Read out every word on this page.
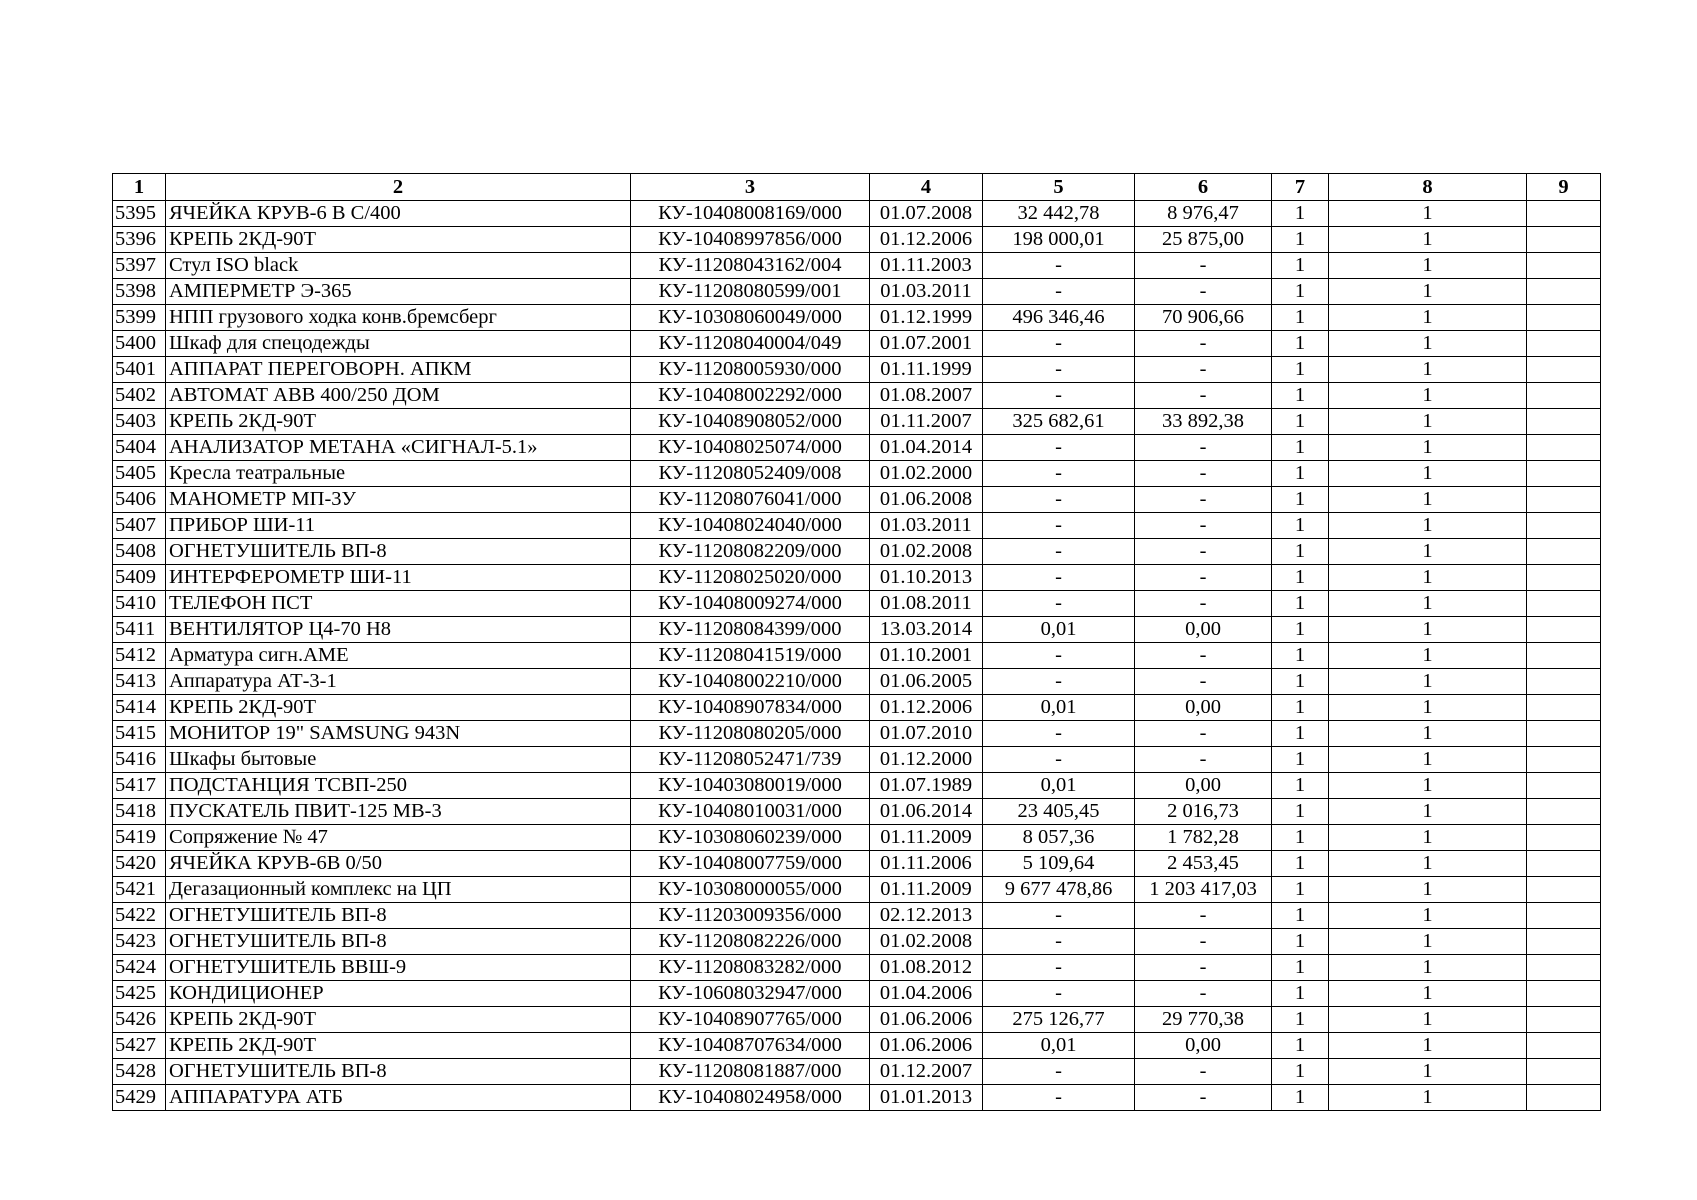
1	2	3	4	5	6	7	8	9
5395	ЯЧЕЙКА КРУВ-6 В С/400	КУ-10408008169/000	01.07.2008	32 442,78	8 976,47	1	1	
5396	КРЕПЬ 2КД-90Т	КУ-10408997856/000	01.12.2006	198 000,01	25 875,00	1	1	
5397	Стул ISO black	КУ-11208043162/004	01.11.2003	-	-	1	1	
5398	АМПЕРМЕТР Э-365	КУ-11208080599/001	01.03.2011	-	-	1	1	
5399	НПП грузового ходка конв.бремсберг	КУ-10308060049/000	01.12.1999	496 346,46	70 906,66	1	1	
5400	Шкаф для спецодежды	КУ-11208040004/049	01.07.2001	-	-	1	1	
5401	АППАРАТ ПЕРЕГОВОРН. АПКМ	КУ-11208005930/000	01.11.1999	-	-	1	1	
5402	АВТОМАТ АВВ 400/250 ДОМ	КУ-10408002292/000	01.08.2007	-	-	1	1	
5403	КРЕПЬ 2КД-90Т	КУ-10408908052/000	01.11.2007	325 682,61	33 892,38	1	1	
5404	АНАЛИЗАТОР МЕТАНА «СИГНАЛ-5.1»	КУ-10408025074/000	01.04.2014	-	-	1	1	
5405	Кресла театральные	КУ-11208052409/008	01.02.2000	-	-	1	1	
5406	МАНОМЕТР МП-3У	КУ-11208076041/000	01.06.2008	-	-	1	1	
5407	ПРИБОР ШИ-11	КУ-10408024040/000	01.03.2011	-	-	1	1	
5408	ОГНЕТУШИТЕЛЬ ВП-8	КУ-11208082209/000	01.02.2008	-	-	1	1	
5409	ИНТЕРФЕРОМЕТР ШИ-11	КУ-11208025020/000	01.10.2013	-	-	1	1	
5410	ТЕЛЕФОН ПСТ	КУ-10408009274/000	01.08.2011	-	-	1	1	
5411	ВЕНТИЛЯТОР Ц4-70 Н8	КУ-11208084399/000	13.03.2014	0,01	0,00	1	1	
5412	Арматура сигн.АМЕ	КУ-11208041519/000	01.10.2001	-	-	1	1	
5413	Аппаратура АТ-3-1	КУ-10408002210/000	01.06.2005	-	-	1	1	
5414	КРЕПЬ 2КД-90Т	КУ-10408907834/000	01.12.2006	0,01	0,00	1	1	
5415	МОНИТОР 19" SAMSUNG 943N	КУ-11208080205/000	01.07.2010	-	-	1	1	
5416	Шкафы бытовые	КУ-11208052471/739	01.12.2000	-	-	1	1	
5417	ПОДСТАНЦИЯ ТСВП-250	КУ-10403080019/000	01.07.1989	0,01	0,00	1	1	
5418	ПУСКАТЕЛЬ ПВИТ-125 МВ-3	КУ-10408010031/000	01.06.2014	23 405,45	2 016,73	1	1	
5419	Сопряжение № 47	КУ-10308060239/000	01.11.2009	8 057,36	1 782,28	1	1	
5420	ЯЧЕЙКА КРУВ-6В 0/50	КУ-10408007759/000	01.11.2006	5 109,64	2 453,45	1	1	
5421	Дегазационный комплекс на ЦП	КУ-10308000055/000	01.11.2009	9 677 478,86	1 203 417,03	1	1	
5422	ОГНЕТУШИТЕЛЬ ВП-8	КУ-11203009356/000	02.12.2013	-	-	1	1	
5423	ОГНЕТУШИТЕЛЬ ВП-8	КУ-11208082226/000	01.02.2008	-	-	1	1	
5424	ОГНЕТУШИТЕЛЬ ВВШ-9	КУ-11208083282/000	01.08.2012	-	-	1	1	
5425	КОНДИЦИОНЕР	КУ-10608032947/000	01.04.2006	-	-	1	1	
5426	КРЕПЬ 2КД-90Т	КУ-10408907765/000	01.06.2006	275 126,77	29 770,38	1	1	
5427	КРЕПЬ 2КД-90Т	КУ-10408707634/000	01.06.2006	0,01	0,00	1	1	
5428	ОГНЕТУШИТЕЛЬ ВП-8	КУ-11208081887/000	01.12.2007	-	-	1	1	
5429	АППАРАТУРА АТБ	КУ-10408024958/000	01.01.2013	-	-	1	1	
